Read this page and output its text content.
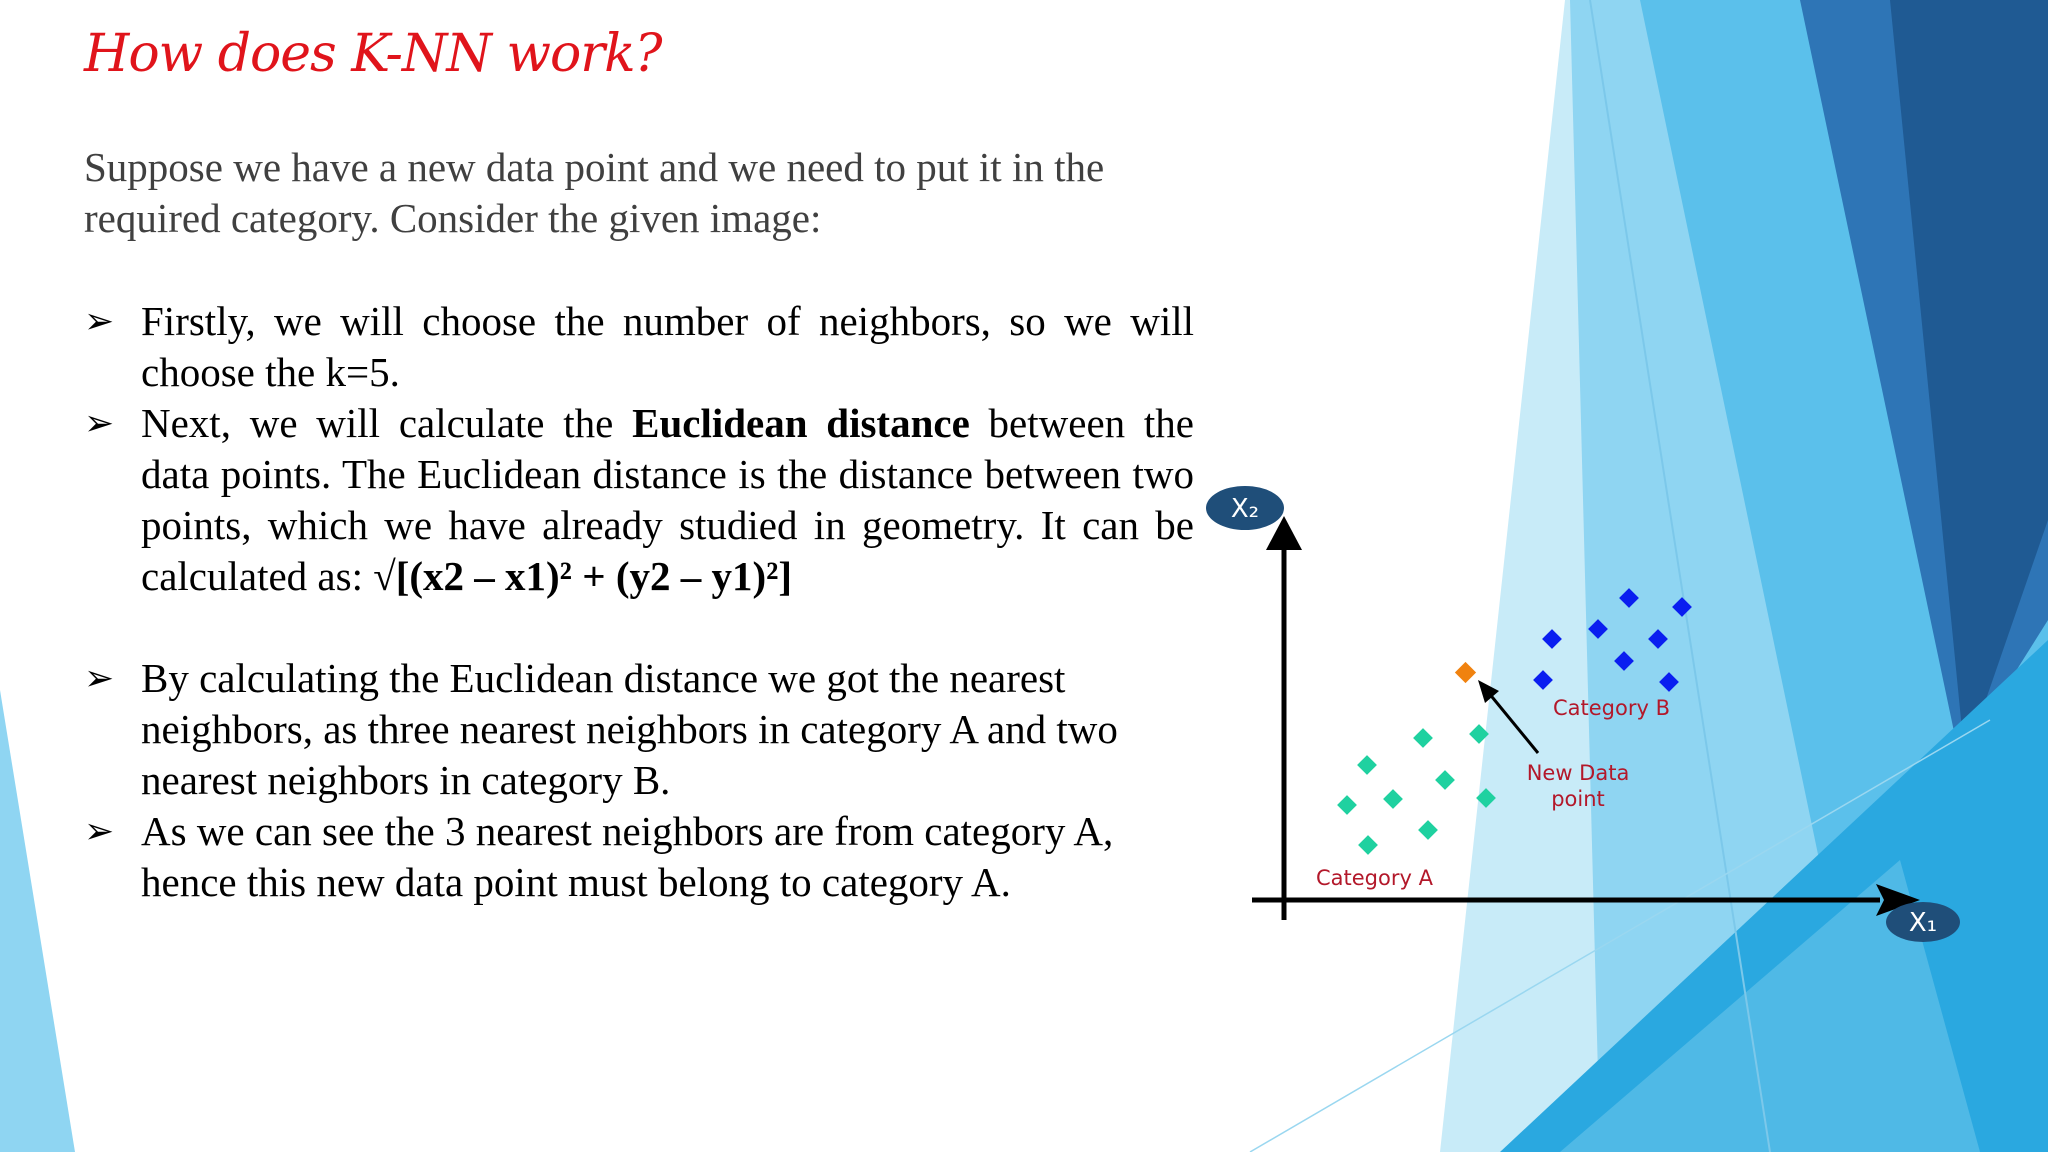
How does K-NN work?
Suppose we have a new data point and we need to put it in the required category. Consider the given image:
➢ Firstly, we will choose the number of neighbors, so we will choose the k=5.
➢ Next, we will calculate the Euclidean distance between the data points. The Euclidean distance is the distance between two points, which we have already studied in geometry. It can be calculated as: √[(x2 – x1)² + (y2 – y1)²]
➢ By calculating the Euclidean distance we got the nearest neighbors, as three nearest neighbors in category A and two nearest neighbors in category B.
➢ As we can see the 3 nearest neighbors are from category A, hence this new data point must belong to category A.
X₂
X₁
Category A
Category B
New Data
point
